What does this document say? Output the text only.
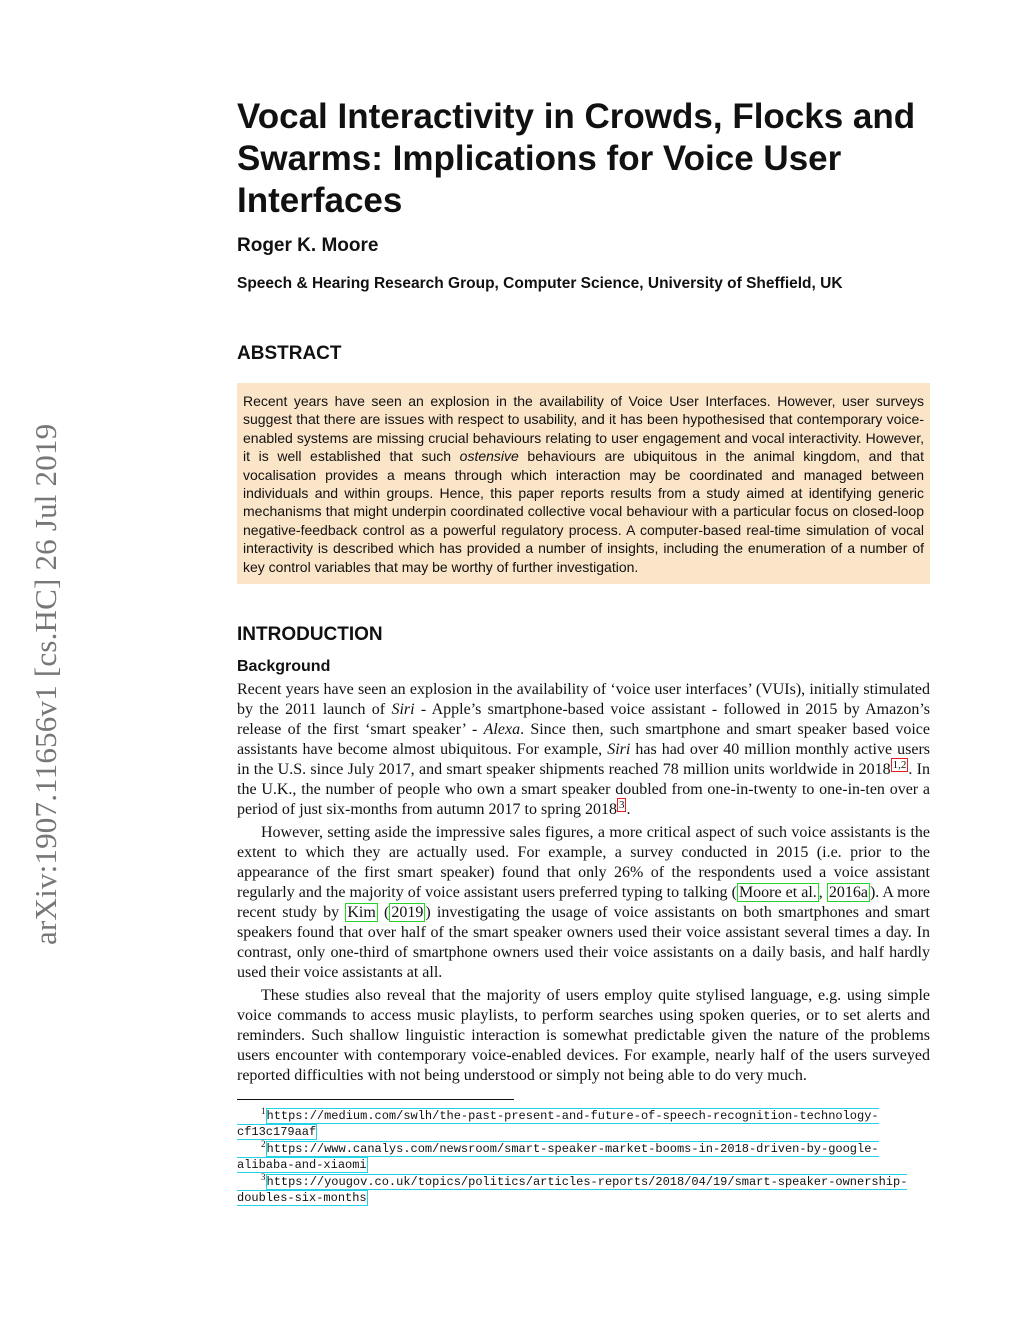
arXiv:1907.11656v1 [cs.HC] 26 Jul 2019
Vocal Interactivity in Crowds, Flocks and Swarms: Implications for Voice User Interfaces
Roger K. Moore
Speech & Hearing Research Group, Computer Science, University of Sheffield, UK
ABSTRACT
Recent years have seen an explosion in the availability of Voice User Interfaces. However, user surveys suggest that there are issues with respect to usability, and it has been hypothesised that contemporary voice-enabled systems are missing crucial behaviours relating to user engagement and vocal interactivity. However, it is well established that such ostensive behaviours are ubiquitous in the animal kingdom, and that vocalisation provides a means through which interaction may be coordinated and managed between individuals and within groups. Hence, this paper reports results from a study aimed at identifying generic mechanisms that might underpin coordinated collective vocal behaviour with a particular focus on closed-loop negative-feedback control as a powerful regulatory process. A computer-based real-time simulation of vocal interactivity is described which has provided a number of insights, including the enumeration of a number of key control variables that may be worthy of further investigation.
INTRODUCTION
Background

Recent years have seen an explosion in the availability of ‘voice user interfaces’ (VUIs), initially stimulated by the 2011 launch of Siri - Apple’s smartphone-based voice assistant - followed in 2015 by Amazon’s release of the first ‘smart speaker’ - Alexa. Since then, such smartphone and smart speaker based voice assistants have become almost ubiquitous. For example, Siri has had over 40 million monthly active users in the U.S. since July 2017, and smart speaker shipments reached 78 million units worldwide in 2018 $^{1,2}$ . In the U.K., the number of people who own a smart speaker doubled from one-in-twenty to one-in-ten over a period of just six-months from autumn 2017 to spring 2018 $^3$ .

However, setting aside the impressive sales figures, a more critical aspect of such voice assistants is the extent to which they are actually used. For example, a survey conducted in 2015 (i.e. prior to the appearance of the first smart speaker) found that only 26% of the respondents used a voice assistant regularly and the majority of voice assistant users preferred typing to talking ( Moore et al. , 2016a ). A more recent study by Kim ( 2019 ) investigating the usage of voice assistants on both smartphones and smart speakers found that over half of the smart speaker owners used their voice assistant several times a day. In contrast, only one-third of smartphone owners used their voice assistants on a daily basis, and half hardly used their voice assistants at all.

These studies also reveal that the majority of users employ quite stylised language, e.g. using simple voice commands to access music playlists, to perform searches using spoken queries, or to set alerts and reminders. Such shallow linguistic interaction is somewhat predictable given the nature of the problems users encounter with contemporary voice-enabled devices. For example, nearly half of the users surveyed reported difficulties with not being understood or simply not being able to do very much.

$^1$https://medium.com/swlh/the-past-present-and-future-of-speech-recognition-technology-cf13c179aaf

$^2$https://www.canalys.com/newsroom/smart-speaker-market-booms-in-2018-driven-by-google-alibaba-and-xiaomi

$^3$https://yougov.co.uk/topics/politics/articles-reports/2018/04/19/smart-speaker-ownership-doubles-six-months
